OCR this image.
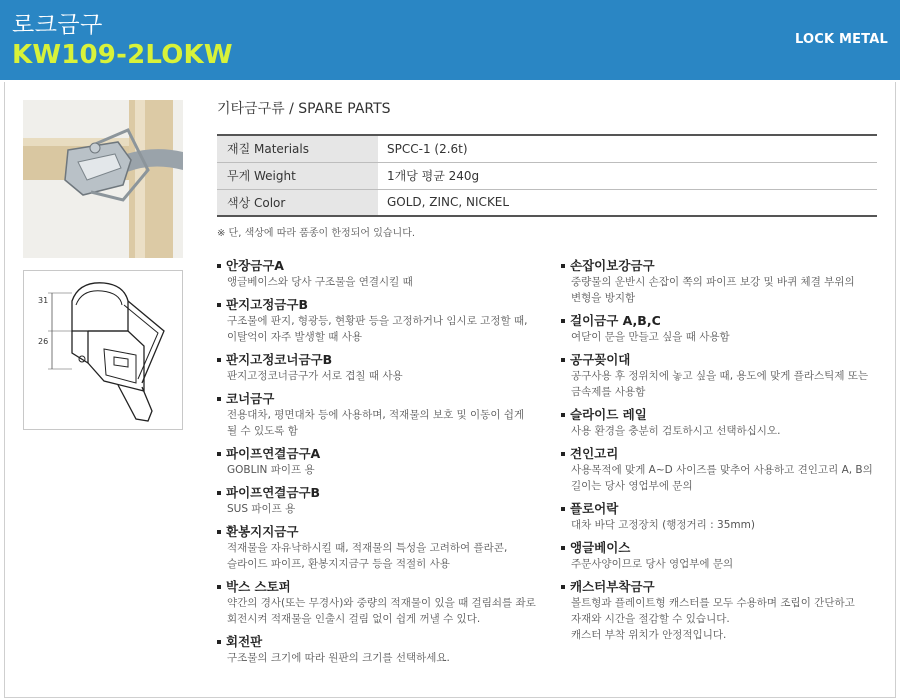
로크금구
KW109-2LOKW
LOCK METAL
31
26
기타금구류 / SPARE PARTS
재질 Materials	SPCC-1 (2.6t)
무게 Weight	1개당 평균 240g
색상 Color	GOLD, ZINC, NICKEL
※ 단, 색상에 따라 품종이 한정되어 있습니다.
안장금구A
앵글베이스와 당사 구조물을 연결시킬 때
판지고정금구B
구조물에 판지, 형광등, 현황판 등을 고정하거나 임시로 고정할 때,
이탈억이 자주 발생할 때 사용
판지고정코너금구B
판지고정코너금구가 서로 겹칠 때 사용
코너금구
전용대차, 평면대차 등에 사용하며, 적재물의 보호 및 이동이 쉽게
될 수 있도록 함
파이프연결금구A
GOBLIN 파이프 용
파이프연결금구B
SUS 파이프 용
환봉지지금구
적재물을 자유낙하시킬 때, 적재물의 특성을 고려하여 플라콘,
슬라이드 파이프, 환봉지지금구 등을 적절히 사용
박스 스토퍼
약간의 경사(또는 무경사)와 중량의 적재물이 있을 때 걸림쇠를 좌로
회전시켜 적재물을 인출시 걸림 없이 쉽게 꺼낼 수 있다.
회전판
구조물의 크기에 따라 원판의 크기를 선택하세요.
손잡이보강금구
중량물의 운반시 손잡이 쪽의 파이프 보강 및 바퀴 체결 부위의
변형을 방지함
걸이금구 A,B,C
여닫이 문을 만들고 싶을 때 사용함
공구꽂이대
공구사용 후 정위치에 놓고 싶을 때, 용도에 맞게 플라스틱제 또는
금속제를 사용함
슬라이드 레일
사용 환경을 충분히 검토하시고 선택하십시오.
견인고리
사용목적에 맞게 A~D 사이즈를 맞추어 사용하고 견인고리 A, B의
길이는 당사 영업부에 문의
플로어락
대차 바닥 고정장치 (행정거리 : 35mm)
앵글베이스
주문사양이므로 당사 영업부에 문의
캐스터부착금구
볼트형과 플레이트형 캐스터를 모두 수용하며 조립이 간단하고
자재와 시간을 절감할 수 있습니다.
캐스터 부착 위치가 안정적입니다.
